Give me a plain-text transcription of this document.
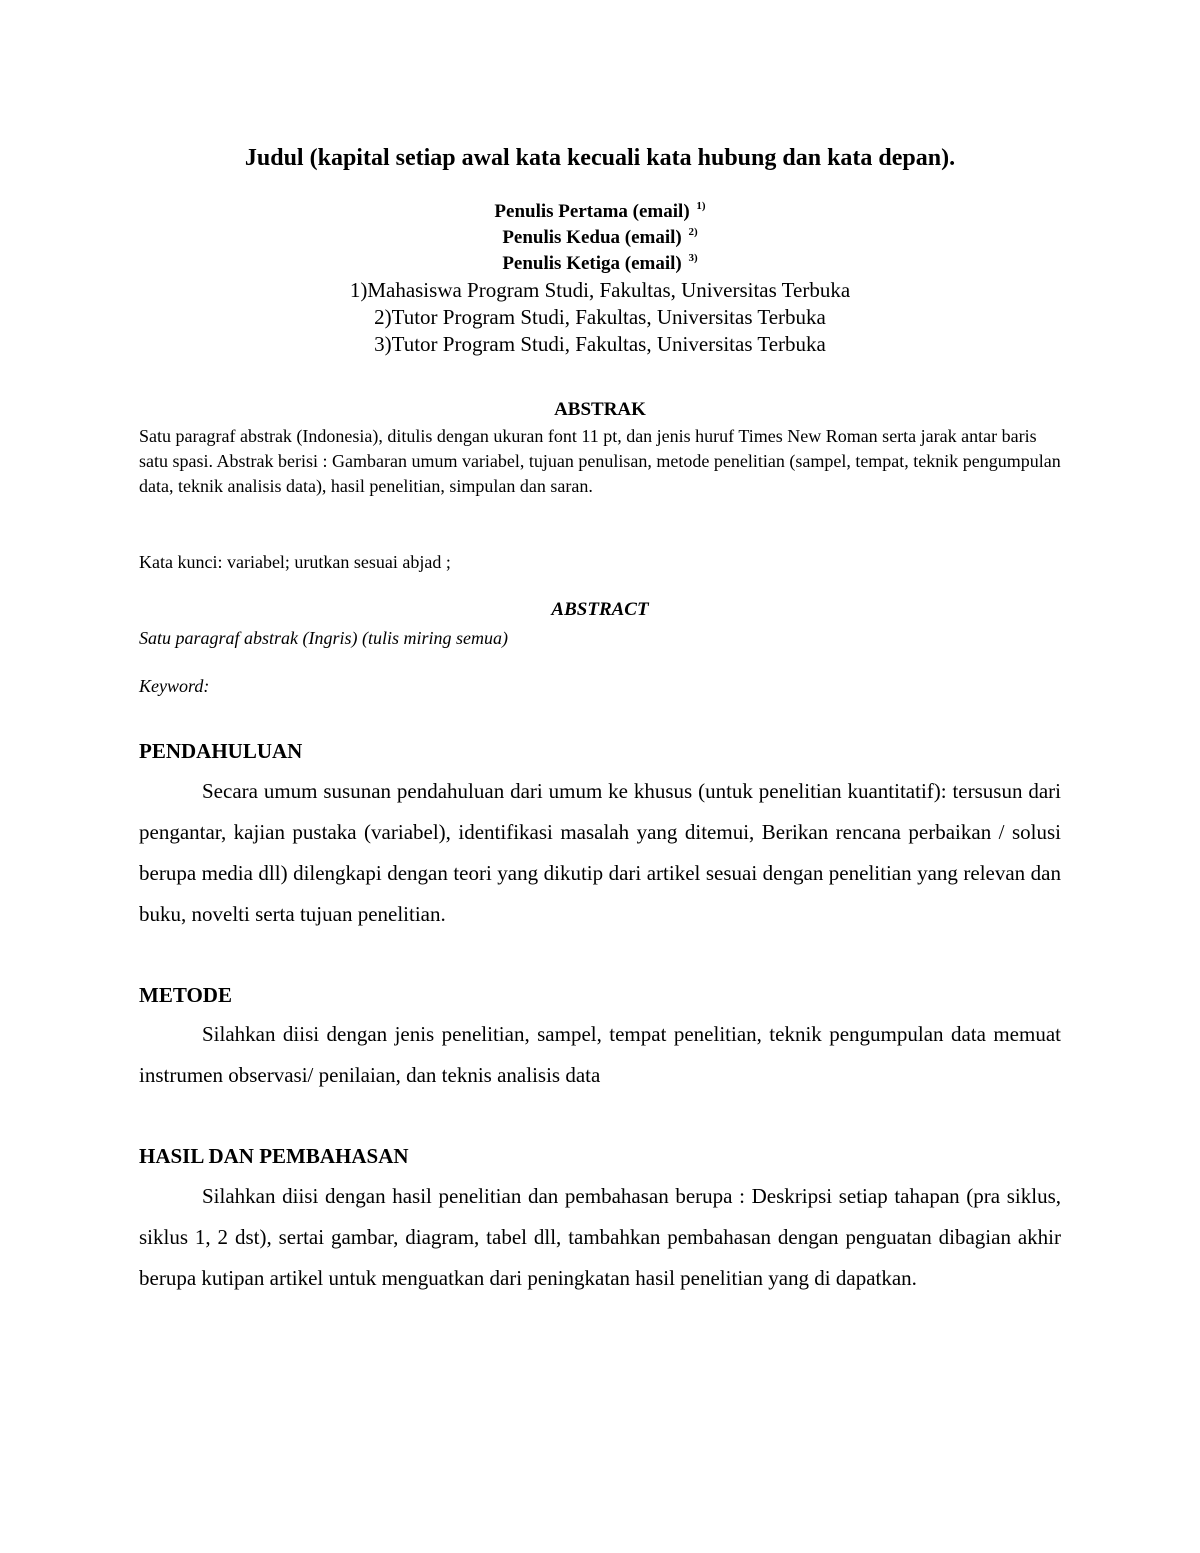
Judul (kapital setiap awal kata kecuali kata hubung dan kata depan).
Penulis Pertama (email) $^{1)}$
Penulis Kedua (email) $^{2)}$
Penulis Ketiga (email) $^{3)}$
1)Mahasiswa Program Studi, Fakultas, Universitas Terbuka
2)Tutor Program Studi, Fakultas, Universitas Terbuka
3)Tutor Program Studi, Fakultas, Universitas Terbuka
ABSTRAK
Satu paragraf abstrak (Indonesia), ditulis dengan ukuran font 11 pt, dan jenis huruf Times New Roman serta jarak antar baris satu spasi. Abstrak berisi : Gambaran umum variabel, tujuan penulisan, metode penelitian (sampel, tempat, teknik pengumpulan data, teknik analisis data), hasil penelitian, simpulan dan saran.
Kata kunci: variabel; urutkan sesuai abjad ;
ABSTRACT
Satu paragraf abstrak (Ingris) (tulis miring semua)
Keyword:
PENDAHULUAN
Secara umum susunan pendahuluan dari umum ke khusus (untuk penelitian kuantitatif): tersusun dari pengantar, kajian pustaka (variabel), identifikasi masalah yang ditemui, Berikan rencana perbaikan / solusi berupa media dll) dilengkapi dengan teori yang dikutip dari artikel sesuai dengan penelitian yang relevan dan buku, novelti serta tujuan penelitian.
METODE
Silahkan diisi dengan jenis penelitian, sampel, tempat penelitian, teknik pengumpulan data memuat instrumen observasi/ penilaian, dan teknis analisis data
HASIL DAN PEMBAHASAN
Silahkan diisi dengan hasil penelitian dan pembahasan berupa : Deskripsi setiap tahapan (pra siklus, siklus 1, 2 dst), sertai gambar, diagram, tabel dll, tambahkan pembahasan dengan penguatan dibagian akhir berupa kutipan artikel untuk menguatkan dari peningkatan hasil penelitian yang di dapatkan.
